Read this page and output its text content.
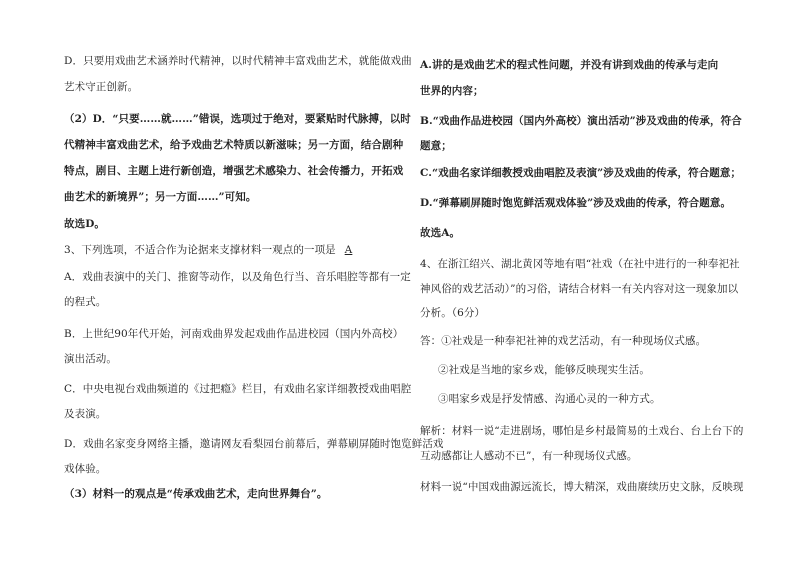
D．只要用戏曲艺术涵养时代精神，以时代精神丰富戏曲艺术，就能做戏曲

艺术守正创新。

（2）D．“只要……就……”错误，选项过于绝对，要紧贴时代脉搏，以时

代精神丰富戏曲艺术，给予戏曲艺术特质以新滋味；另一方面，结合剧种

特点，剧目、主题上进行新创造，增强艺术感染力、社会传播力，开拓戏

曲艺术的新境界”；另一方面……”可知。

故选D。

3、下列选项，不适合作为论据来支撑材料一观点的一项是 A

A．戏曲表演中的关门、推窗等动作，以及角色行当、音乐唱腔等都有一定

的程式。

B．上世纪90年代开始，河南戏曲界发起戏曲作品进校园（国内外高校）

演出活动。

C．中央电视台戏曲频道的《过把瘾》栏目，有戏曲名家详细教授戏曲唱腔

及表演。

D．戏曲名家变身网络主播，邀请网友看梨园台前幕后，弹幕刷屏随时饱览鲜活戏

戏体验。

（3）材料一的观点是“传承戏曲艺术，走向世界舞台”。

A.讲的是戏曲艺术的程式性问题，并没有讲到戏曲的传承与走向

世界的内容；

B.“戏曲作品进校园（国内外高校）演出活动”涉及戏曲的传承，符合

题意；

C.“戏曲名家详细教授戏曲唱腔及表演”涉及戏曲的传承，符合题意；

D.“弹幕刷屏随时饱览鲜活观戏体验”涉及戏曲的传承，符合题意。

故选A。

4、在浙江绍兴、湖北黄冈等地有唱“社戏（在社中进行的一种奉祀社

神风俗的戏艺活动）”的习俗，请结合材料一有关内容对这一现象加以

分析。（6分）

答：①社戏是一种奉祀社神的戏艺活动，有一种现场仪式感。

②社戏是当地的家乡戏，能够反映现实生活。

③唱家乡戏是抒发情感、沟通心灵的一种方式。

解析：材料一说“走进剧场，哪怕是乡村最简易的土戏台、台上台下的

互动感都让人感动不已”，有一种现场仪式感。

材料一说“中国戏曲源远流长，博大精深，戏曲赓续历史文脉，反映现
